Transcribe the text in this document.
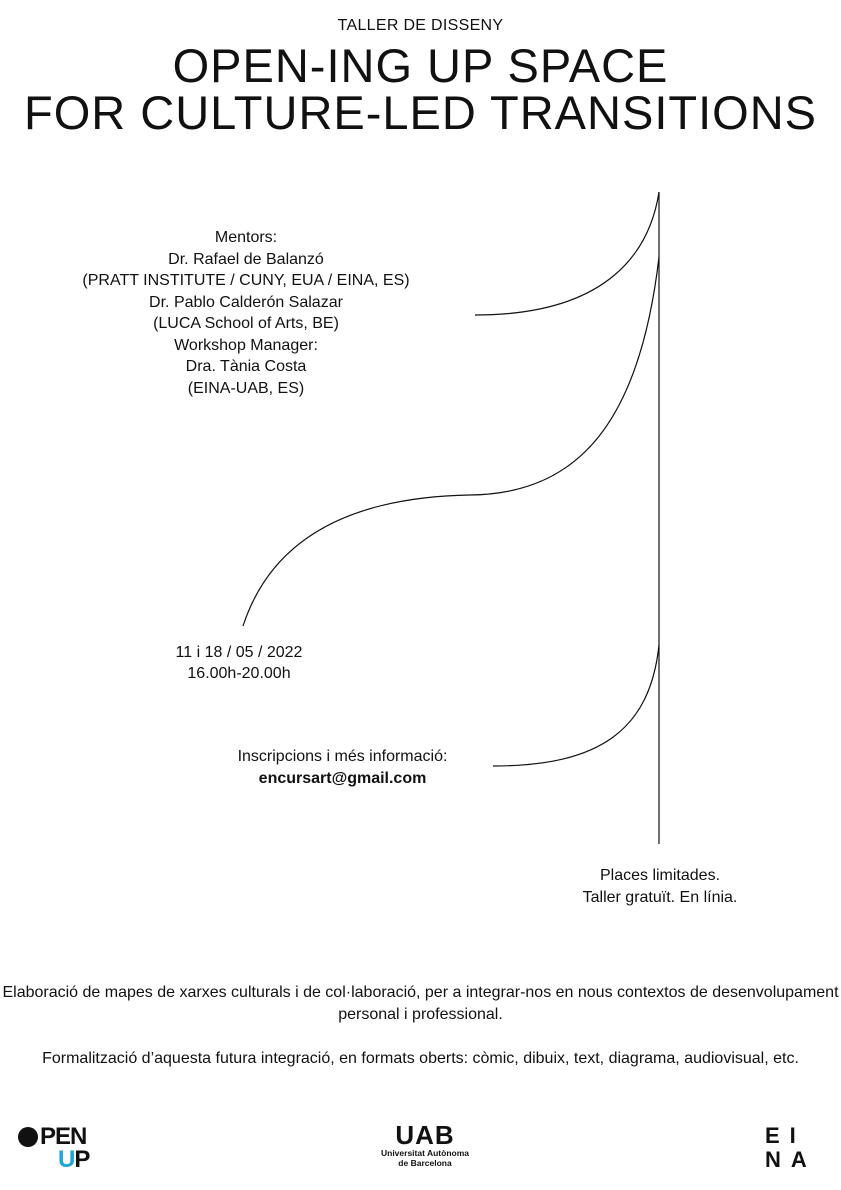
TALLER DE DISSENY
OPEN-ING UP SPACE
FOR CULTURE-LED TRANSITIONS
Mentors:
Dr. Rafael de Balanzó
(PRATT INSTITUTE / CUNY, EUA / EINA, ES)
Dr. Pablo Calderón Salazar
(LUCA School of Arts, BE)
Workshop Manager:
Dra. Tània Costa
(EINA-UAB, ES)
11 i 18 / 05 / 2022
16.00h-20.00h
Inscripcions i més informació:
encursart@gmail.com
Places limitades.
Taller gratuït. En línia.

Elaboració de mapes de xarxes culturals i de col·laboració, per a integrar-nos en nous contextos de desenvolupament personal i professional.

Formalització d’aquesta futura integració, en formats oberts: còmic, dibuix, text, diagrama, audiovisual, etc.

PEN
UP
UAB
Universitat Autònoma
de Barcelona
EI
NA
